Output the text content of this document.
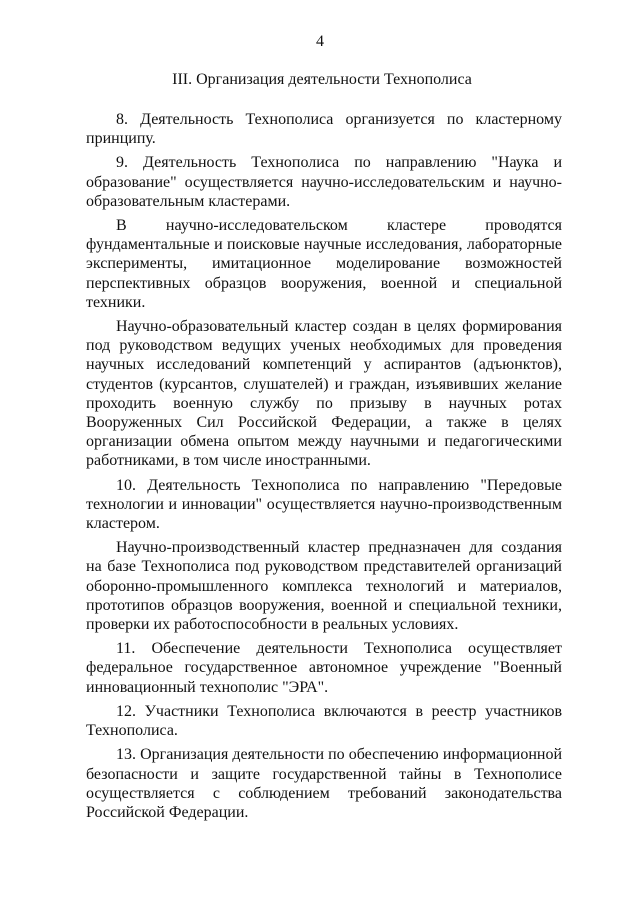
4
III. Организация деятельности Технополиса

8. Деятельность Технополиса организуется по кластерному принципу.

9. Деятельность Технополиса по направлению "Наука и образование" осуществляется научно-исследовательским и научно-образовательным кластерами.

В научно-исследовательском кластере проводятся фундаментальные и поисковые научные исследования, лабораторные эксперименты, имитационное моделирование возможностей перспективных образцов вооружения, военной и специальной техники.

Научно-образовательный кластер создан в целях формирования под руководством ведущих ученых необходимых для проведения научных исследований компетенций у аспирантов (адъюнктов), студентов (курсантов, слушателей) и граждан, изъявивших желание проходить военную службу по призыву в научных ротах Вооруженных Сил Российской Федерации, а также в целях организации обмена опытом между научными и педагогическими работниками, в том числе иностранными.

10. Деятельность Технополиса по направлению "Передовые технологии и инновации" осуществляется научно-производственным кластером.

Научно-производственный кластер предназначен для создания на базе Технополиса под руководством представителей организаций оборонно-промышленного комплекса технологий и материалов, прототипов образцов вооружения, военной и специальной техники, проверки их работоспособности в реальных условиях.

11. Обеспечение деятельности Технополиса осуществляет федеральное государственное автономное учреждение "Военный инновационный технополис "ЭРА".

12. Участники Технополиса включаются в реестр участников Технополиса.

13. Организация деятельности по обеспечению информационной безопасности и защите государственной тайны в Технополисе осуществляется с соблюдением требований законодательства Российской Федерации.
